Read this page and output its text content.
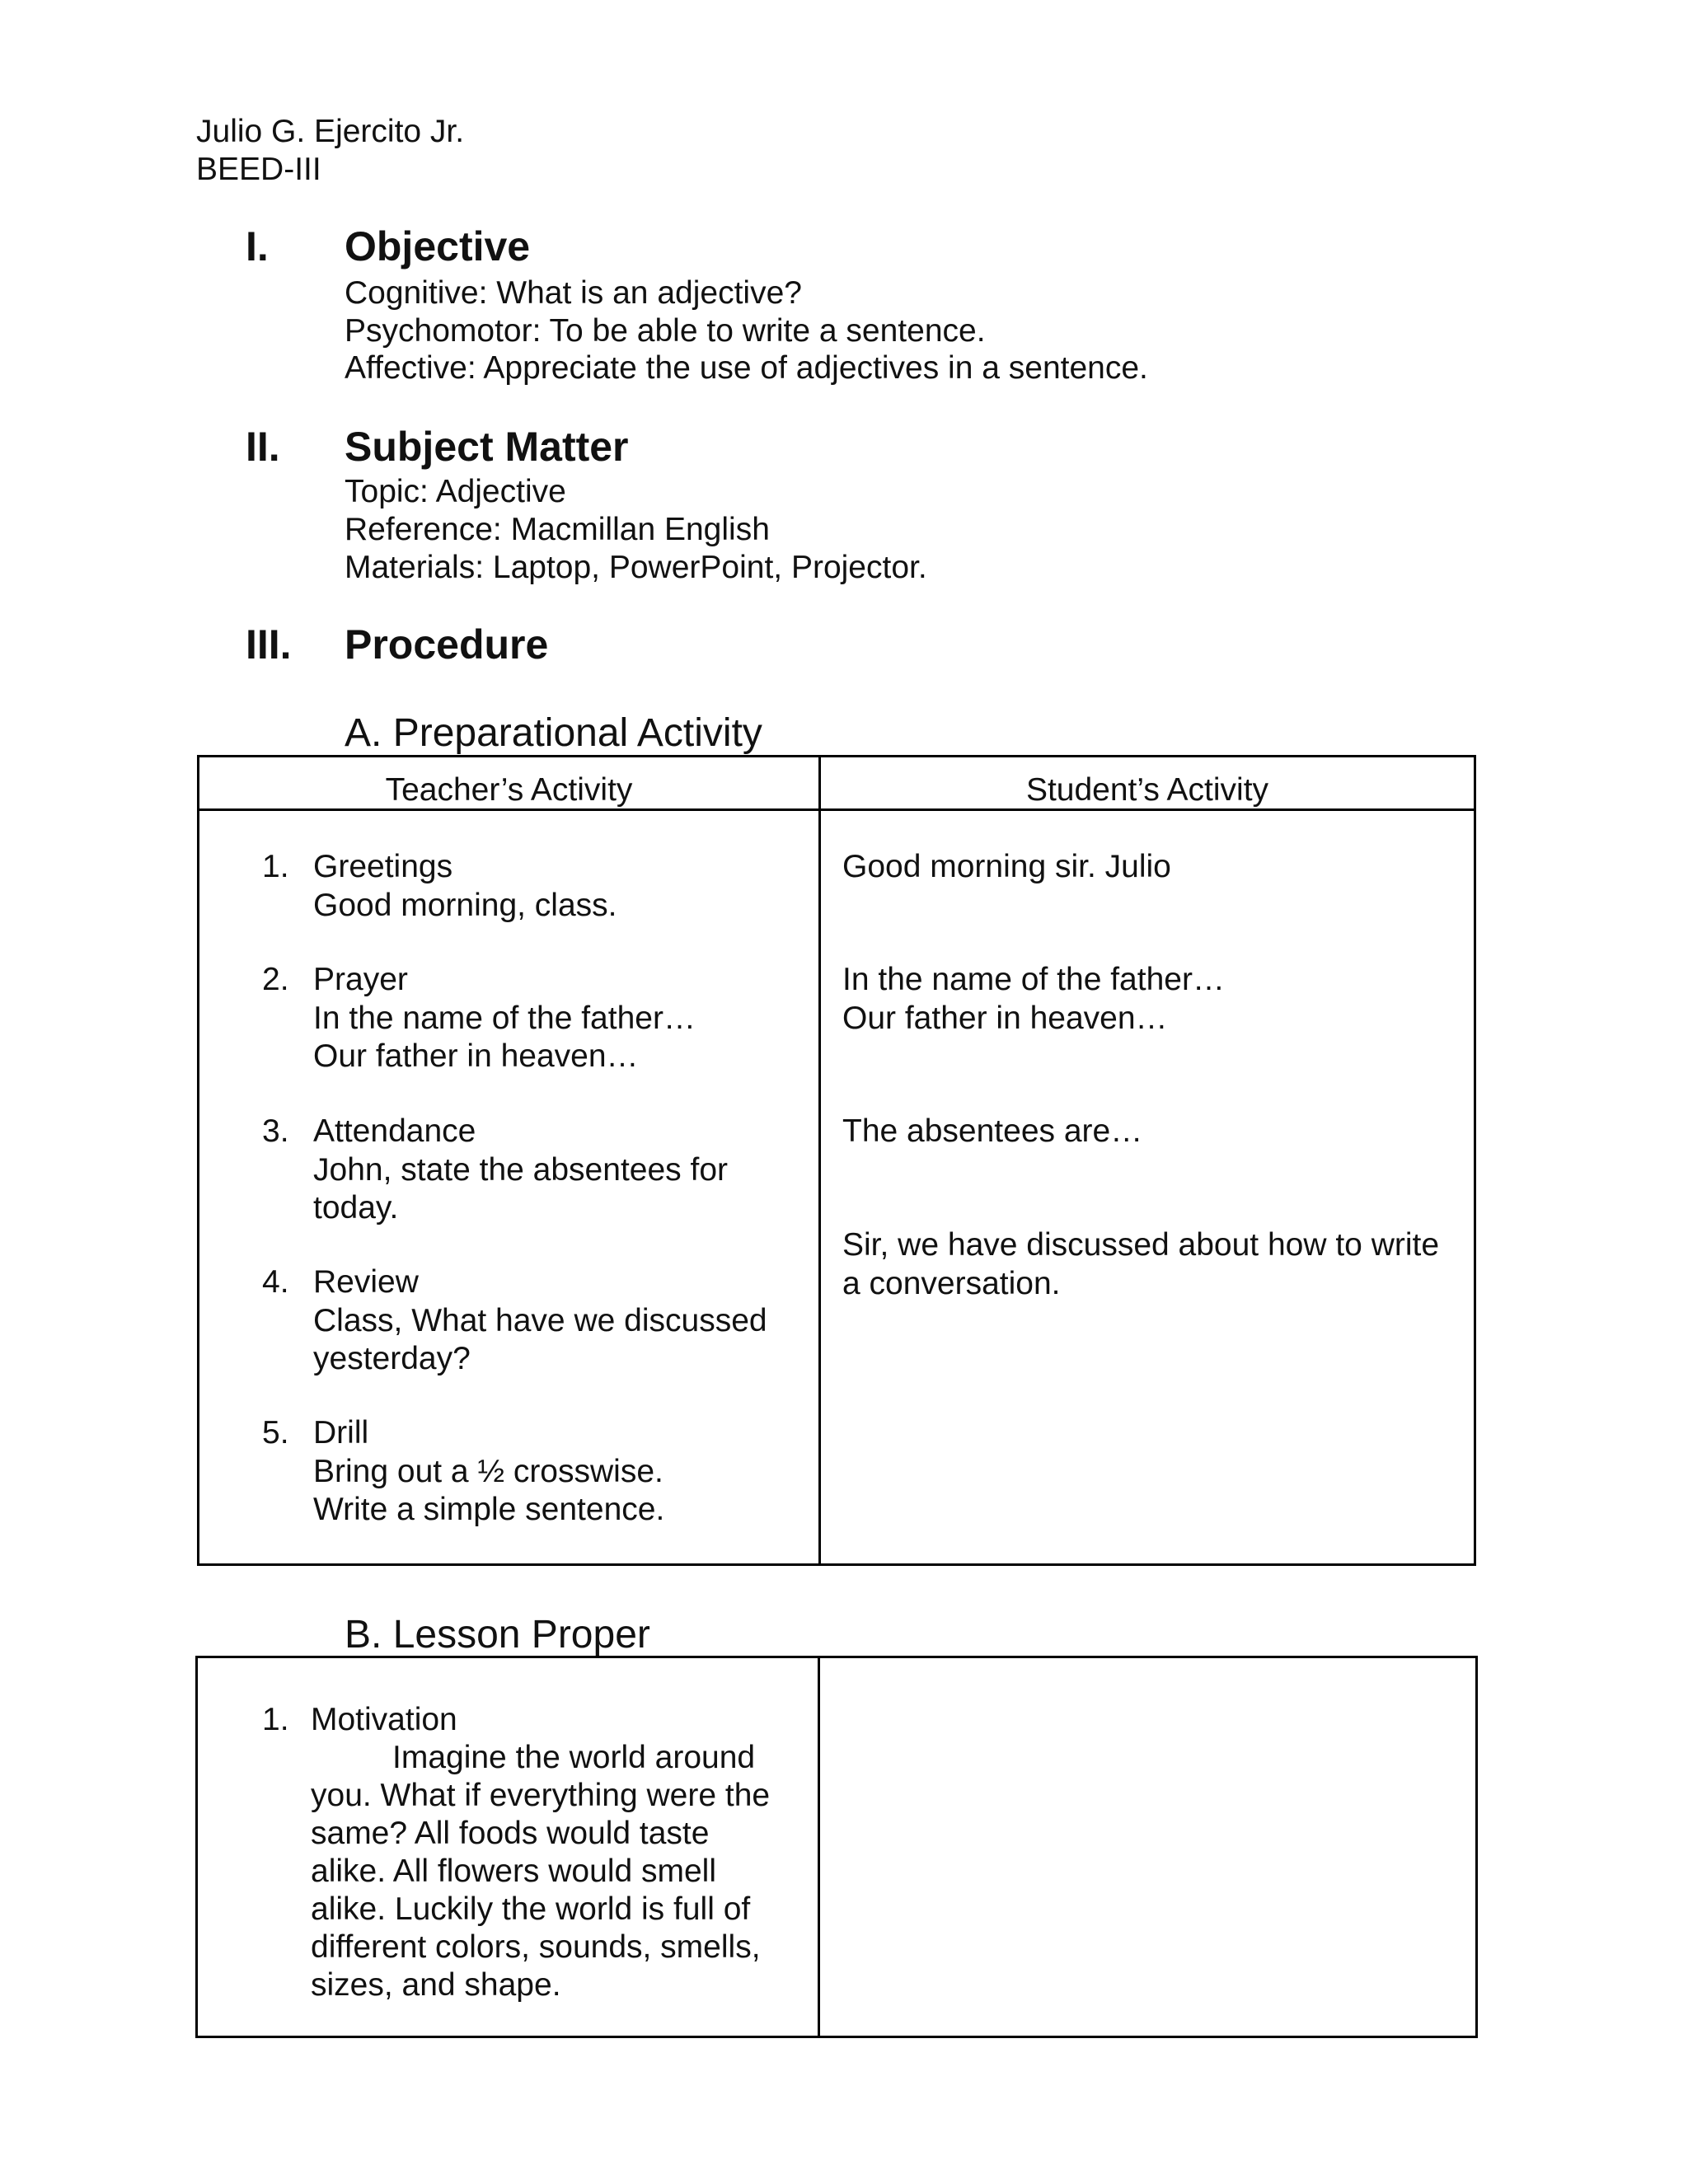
Julio G. Ejercito Jr.
BEED-III
I. Objective
Cognitive: What is an adjective?
Psychomotor: To be able to write a sentence.
Affective: Appreciate the use of adjectives in a sentence.
II. Subject Matter
Topic: Adjective
Reference: Macmillan English
Materials: Laptop, PowerPoint, Projector.
III. Procedure
A. Preparational Activity
Teacher’s Activity	Student’s Activity
1. Greetings
Good morning, class.
2. Prayer
In the name of the father…
Our father in heaven…
3. Attendance
John, state the absentees for
today.
4. Review
Class, What have we discussed
yesterday?
5. Drill
Bring out a ½ crosswise.
Write a simple sentence.
Good morning sir. Julio
In the name of the father…
Our father in heaven…
The absentees are…
Sir, we have discussed about how to write
a conversation.
B. Lesson Proper
1. Motivation
Imagine the world around
you. What if everything were the
same? All foods would taste
alike. All flowers would smell
alike. Luckily the world is full of
different colors, sounds, smells,
sizes, and shape.
